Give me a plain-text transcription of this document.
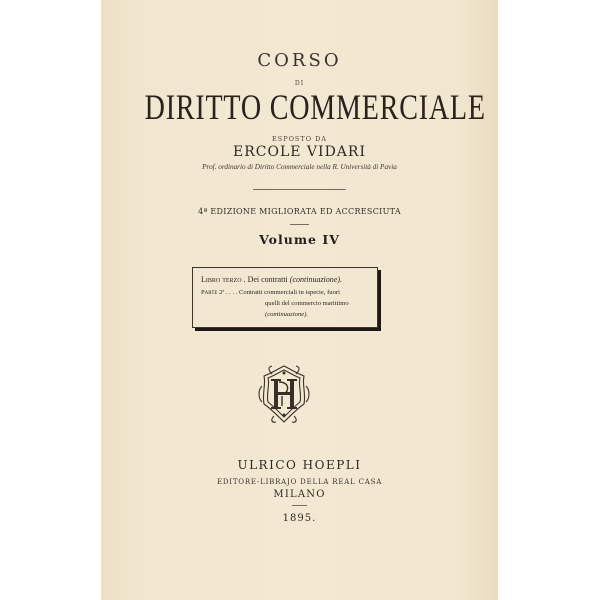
CORSO
DI
DIRITTO COMMERCIALE
ESPOSTO DA
ERCOLE VIDARI
Prof. ordinario di Diritto Commerciale nella R. Università di Pavia
4ª EDIZIONE MIGLIORATA ED ACCRESCIUTA
Volume IV
Libro terzo . Dei contratti (continuazione).
Parte 2ª . . . . Contratti commerciali in ispecie, fuori
quelli del commercio marittimo
(continuazione).
ULRICO HOEPLI
EDITORE-LIBRAJO DELLA REAL CASA
MILANO
1895.
